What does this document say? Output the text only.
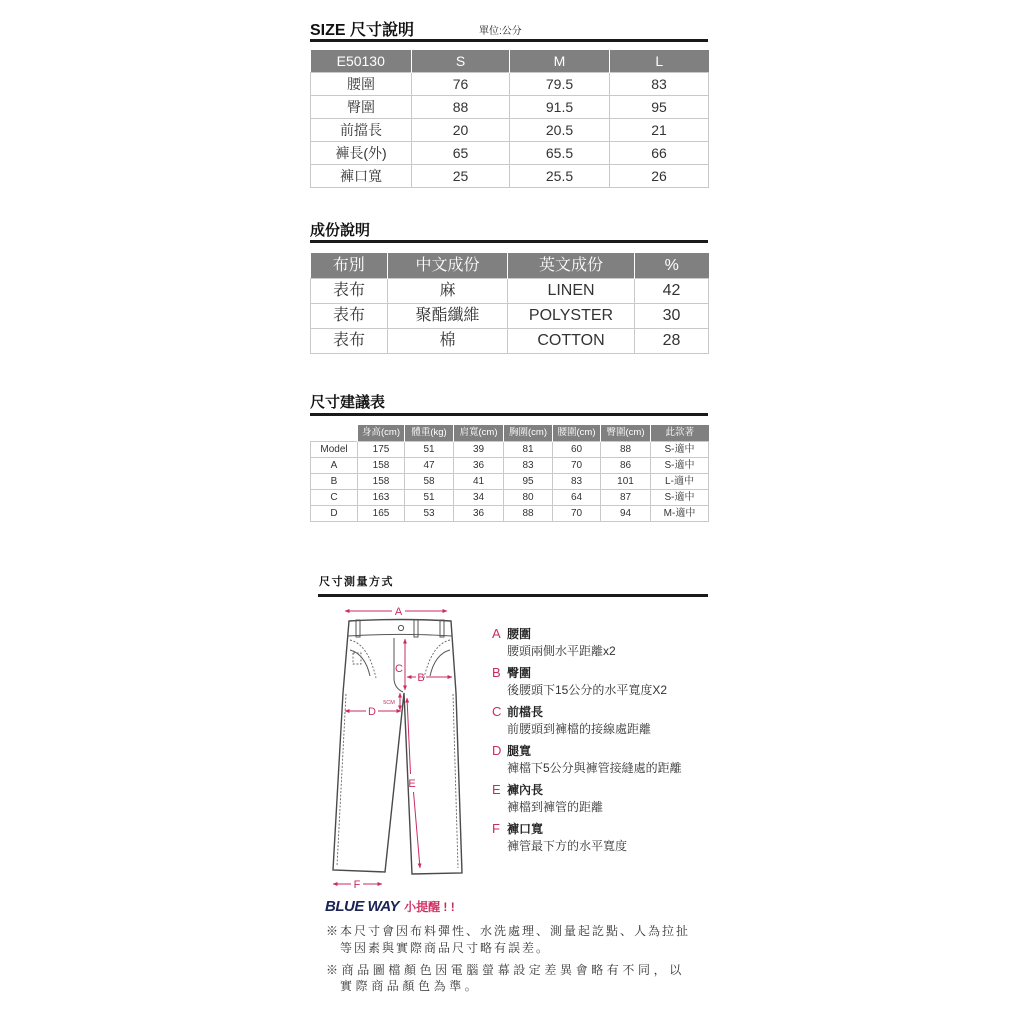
SIZE 尺寸說明	單位:公分
E50130	S	M	L
腰圍	76	79.5	83
臀圍	88	91.5	95
前擋長	20	20.5	21
褲長(外)	65	65.5	66
褲口寬	25	25.5	26
成份說明
布別	中文成份	英文成份	%
表布	麻	LINEN	42
表布	聚酯纖維	POLYSTER	30
表布	棉	COTTON	28
尺寸建議表
	身高(cm)	體重(kg)	肩寬(cm)	胸圍(cm)	腰圍(cm)	臀圍(cm)	此款著
Model	175	51	39	81	60	88	S-適中
A	158	47	36	83	70	86	S-適中
B	158	58	41	95	83	101	L-適中
C	163	51	34	80	64	87	S-適中
D	165	53	36	88	70	94	M-適中
尺寸測量方式
A
C
B
5CM
D
E
F
A 腰圍
腰頭兩側水平距離x2
B 臀圍
後腰頭下15公分的水平寬度X2
C 前檔長
前腰頭到褲檔的接線處距離
D 腿寬
褲檔下5公分與褲管接縫處的距離
E 褲內長
褲檔到褲管的距離
F 褲口寬
褲管最下方的水平寬度
BLUE WAY 小提醒 ! !
※本尺寸會因布料彈性、水洗處理、測量起訖點、人為拉扯
等因素與實際商品尺寸略有誤差。
※商品圖檔顏色因電腦螢幕設定差異會略有不同，以
實際商品顏色為準。
